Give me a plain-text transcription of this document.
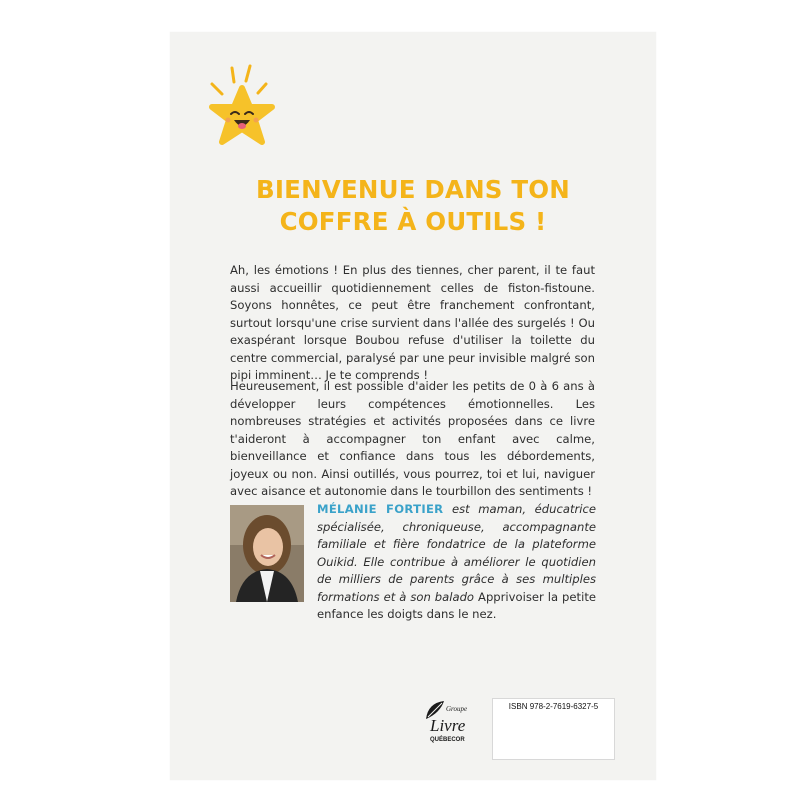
BIENVENUE DANS TON
COFFRE À OUTILS !

Ah, les émotions ! En plus des tiennes, cher parent, il te faut aussi accueillir quotidiennement celles de fiston-fistoune. Soyons honnêtes, ce peut être franchement confrontant, surtout lorsqu'une crise survient dans l'allée des surgelés ! Ou exaspérant lorsque Boubou refuse d'utiliser la toilette du centre commercial, paralysé par une peur invisible malgré son pipi imminent… Je te comprends !

Heureusement, il est possible d'aider les petits de 0 à 6 ans à développer leurs compétences émotionnelles. Les nombreuses stratégies et activités proposées dans ce livre t'aideront à accompagner ton enfant avec calme, bienveillance et confiance dans tous les débordements, joyeux ou non. Ainsi outillés, vous pourrez, toi et lui, naviguer avec aisance et autonomie dans le tourbillon des sentiments !

MÉLANIE FORTIER est maman, éducatrice spécialisée, chroniqueuse, accompagnante familiale et fière fondatrice de la plateforme Ouikid. Elle contribue à améliorer le quotidien de milliers de parents grâce à ses multiples formations et à son balado Apprivoiser la petite enfance les doigts dans le nez.

Groupe
Livre
QUÉBECOR
ISBN 978-2-7619-6327-5
